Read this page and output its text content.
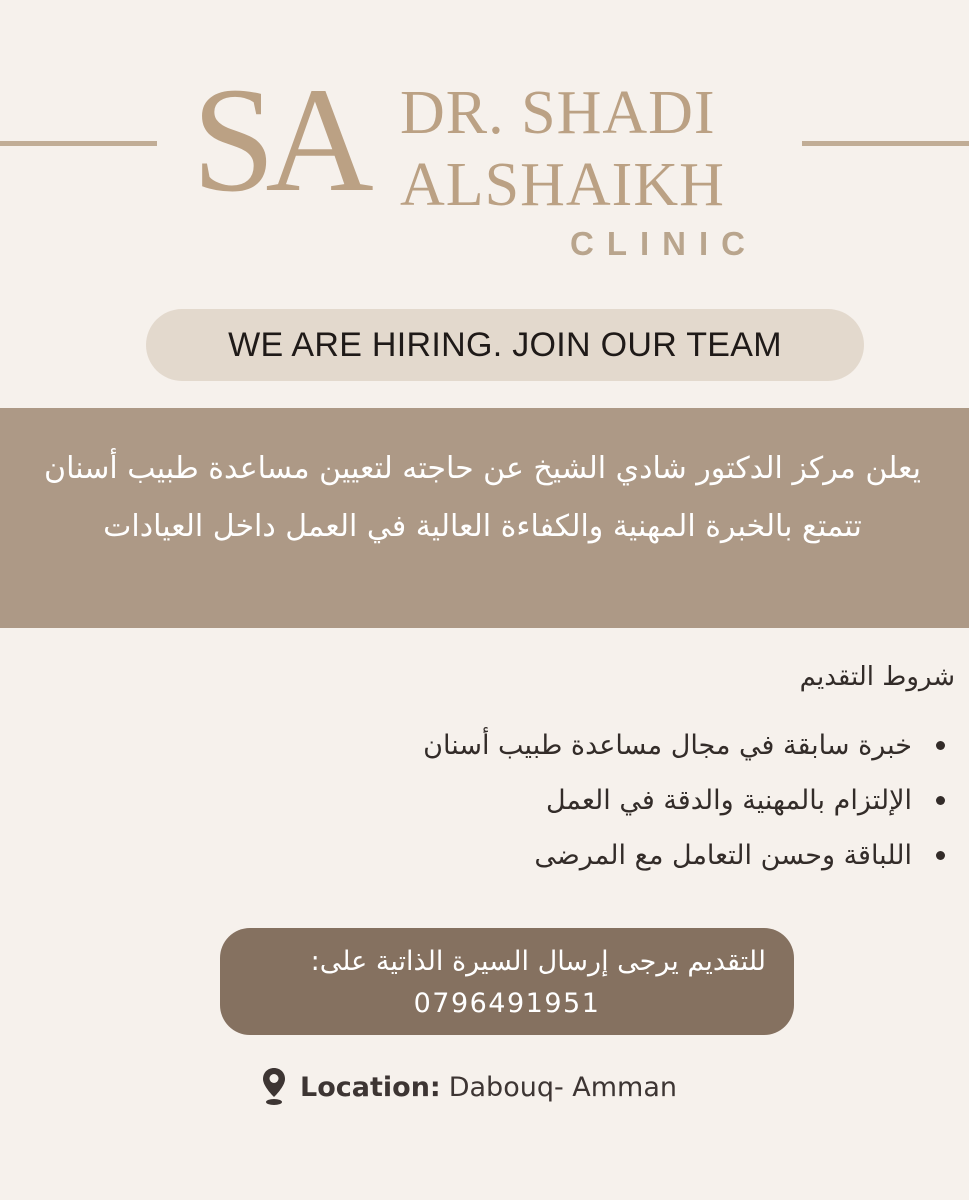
SA DR. SHADI
ALSHAIKH
CLINIC
WE ARE HIRING. JOIN OUR TEAM
يعلن مركز الدكتور شادي الشيخ عن حاجته لتعيين مساعدة طبيب أسنان تتمتع بالخبرة المهنية والكفاءة العالية في العمل داخل العيادات
شروط التقديم
خبرة سابقة في مجال مساعدة طبيب أسنان
الإلتزام بالمهنية والدقة في العمل
اللباقة وحسن التعامل مع المرضى
للتقديم يرجى إرسال السيرة الذاتية على:
0796491951
Location: Dabouq- Amman
